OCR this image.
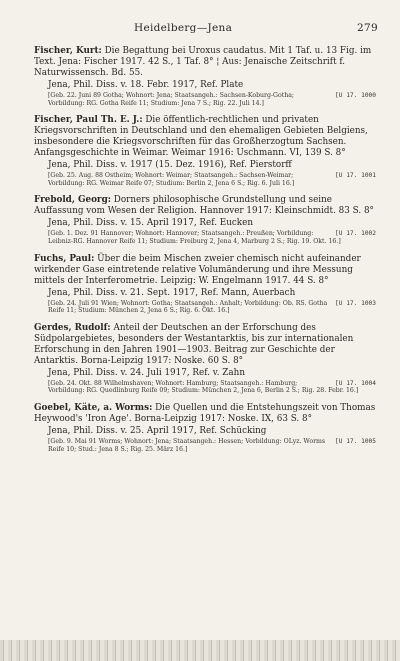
Heidelberg—Jena	279

Fischer, Kurt: Die Begattung bei Uroxus caudatus. Mit 1 Taf. u. 13 Fig. im Text. Jena: Fischer 1917. 42 S., 1 Taf. 8° ¦ Aus: Jenaische Zeitschrift f. Naturwissensch. Bd. 55.

Jena, Phil. Diss. v. 18. Febr. 1917, Ref. Plate

[U 17. 1000
[Geb. 22. Juni 89 Gotha; Wohnort: Jena; Staatsangeh.: Sachsen-Koburg-Gotha; Vorbildung: RG. Gotha Reife 11; Studium: Jena 7 S.; Rig. 22. Juli 14.]

Fischer, Paul Th. E. J.: Die öffentlich-rechtlichen und privaten Kriegsvorschriften in Deutschland und den ehemaligen Gebieten Belgiens, insbesondere die Kriegsvorschriften für das Großherzogtum Sachsen. Anfangsgeschichte in Weimar. Weimar 1916: Uschmann. VI, 139 S. 8°

Jena, Phil. Diss. v. 1917 (15. Dez. 1916), Ref. Pierstorff

[U 17. 1001
[Geb. 25. Aug. 88 Ostheim; Wohnort: Weimar; Staatsangeh.: Sachsen-Weimar; Vorbildung: RG. Weimar Reife 07; Studium: Berlin 2, Jena 6 S.; Rig. 6. Juli 16.]

Frebold, Georg: Dorners philosophische Grundstellung und seine Auffassung vom Wesen der Religion. Hannover 1917: Kleinschmidt. 83 S. 8°

Jena, Phil. Diss. v. 15. April 1917, Ref. Eucken

[U 17. 1002
[Geb. 1. Dez. 91 Hannover; Wohnort: Hannover; Staatsangeh.: Preußen; Vorbildung: Leibniz-RG. Hannover Reife 11; Studium: Freiburg 2, Jena 4, Marburg 2 S.; Rig. 19. Okt. 16.]

Fuchs, Paul: Über die beim Mischen zweier chemisch nicht aufeinander wirkender Gase eintretende relative Volumänderung und ihre Messung mittels der Interferometrie. Leipzig: W. Engelmann 1917. 44 S. 8°

Jena, Phil. Diss. v. 21. Sept. 1917, Ref. Mann, Auerbach

[U 17. 1003
[Geb. 24. Juli 91 Wien; Wohnort: Gotha; Staatsangeh.: Anhalt; Vorbildung: Ob. RS. Gotha Reife 11; Studium: München 2, Jena 6 S.; Rig. 6. Okt. 16.]

Gerdes, Rudolf: Anteil der Deutschen an der Erforschung des Südpolargebietes, besonders der Westantarktis, bis zur internationalen Erforschung in den Jahren 1901—1903. Beitrag zur Geschichte der Antarktis. Borna-Leipzig 1917: Noske. 60 S. 8°

Jena, Phil. Diss. v. 24. Juli 1917, Ref. v. Zahn

[U 17. 1004
[Geb. 24. Okt. 88 Wilhelmshaven; Wohnort: Hamburg; Staatsangeh.: Hamburg; Vorbildung: RG. Quedlinburg Reife 09; Studium: München 2, Jena 6, Berlin 2 S.; Rig. 28. Febr. 16.]

Goebel, Käte, a. Worms: Die Quellen und die Entstehungszeit von Thomas Heywood's 'Iron Age'. Borna-Leipzig 1917: Noske. IX, 63 S. 8°

Jena, Phil. Diss. v. 25. April 1917, Ref. Schücking

[U 17. 1005
[Geb. 9. Mai 91 Worms; Wohnort: Jena; Staatsangeh.: Hessen; Vorbildung: OLyz. Worms Reife 10; Stud.: Jena 8 S.; Rig. 25. März 16.]
